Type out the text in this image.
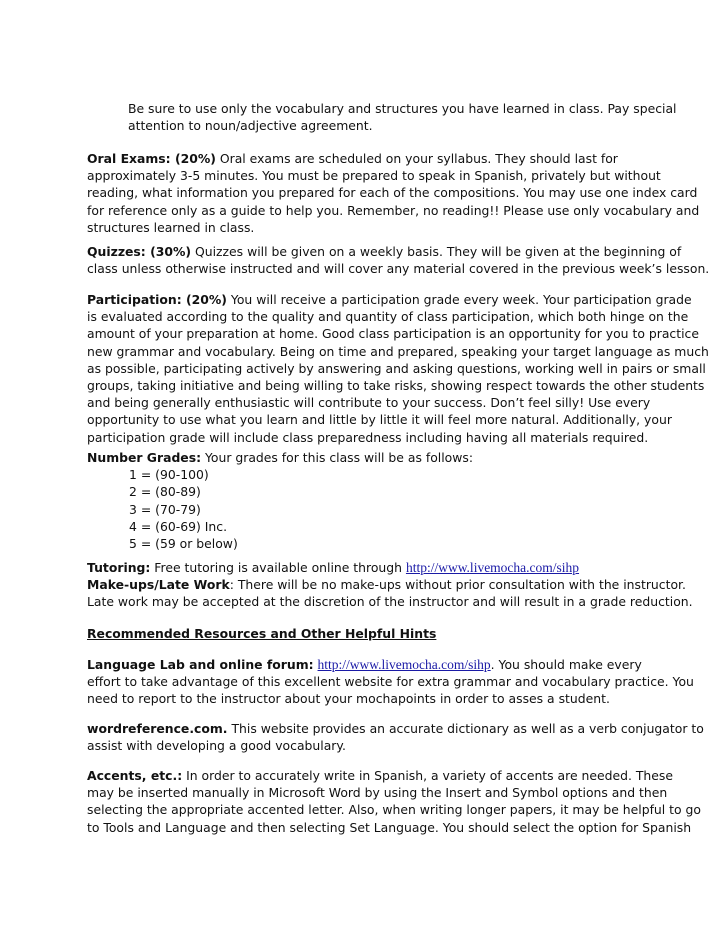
Be sure to use only the vocabulary and structures you have learned in class. Pay special
attention to noun/adjective agreement.
Oral Exams: (20%) Oral exams are scheduled on your syllabus. They should last for
approximately 3-5 minutes. You must be prepared to speak in Spanish, privately but without
reading, what information you prepared for each of the compositions. You may use one index card
for reference only as a guide to help you. Remember, no reading!! Please use only vocabulary and
structures learned in class.
Quizzes: (30%) Quizzes will be given on a weekly basis. They will be given at the beginning of
class unless otherwise instructed and will cover any material covered in the previous week’s lesson.
Participation: (20%) You will receive a participation grade every week. Your participation grade
is evaluated according to the quality and quantity of class participation, which both hinge on the
amount of your preparation at home. Good class participation is an opportunity for you to practice
new grammar and vocabulary. Being on time and prepared, speaking your target language as much
as possible, participating actively by answering and asking questions, working well in pairs or small
groups, taking initiative and being willing to take risks, showing respect towards the other students
and being generally enthusiastic will contribute to your success. Don’t feel silly! Use every
opportunity to use what you learn and little by little it will feel more natural. Additionally, your
participation grade will include class preparedness including having all materials required.
Number Grades: Your grades for this class will be as follows:
1 = (90-100)
2 = (80-89)
3 = (70-79)
4 = (60-69) Inc.
5 = (59 or below)
Tutoring: Free tutoring is available online through http://www.livemocha.com/sihp
Make-ups/Late Work: There will be no make-ups without prior consultation with the instructor.
Late work may be accepted at the discretion of the instructor and will result in a grade reduction.
Recommended Resources and Other Helpful Hints
Language Lab and online forum: http://www.livemocha.com/sihp. You should make every
effort to take advantage of this excellent website for extra grammar and vocabulary practice. You
need to report to the instructor about your mochapoints in order to asses a student.
wordreference.com. This website provides an accurate dictionary as well as a verb conjugator to
assist with developing a good vocabulary.
Accents, etc.: In order to accurately write in Spanish, a variety of accents are needed. These
may be inserted manually in Microsoft Word by using the Insert and Symbol options and then
selecting the appropriate accented letter. Also, when writing longer papers, it may be helpful to go
to Tools and Language and then selecting Set Language. You should select the option for Spanish
